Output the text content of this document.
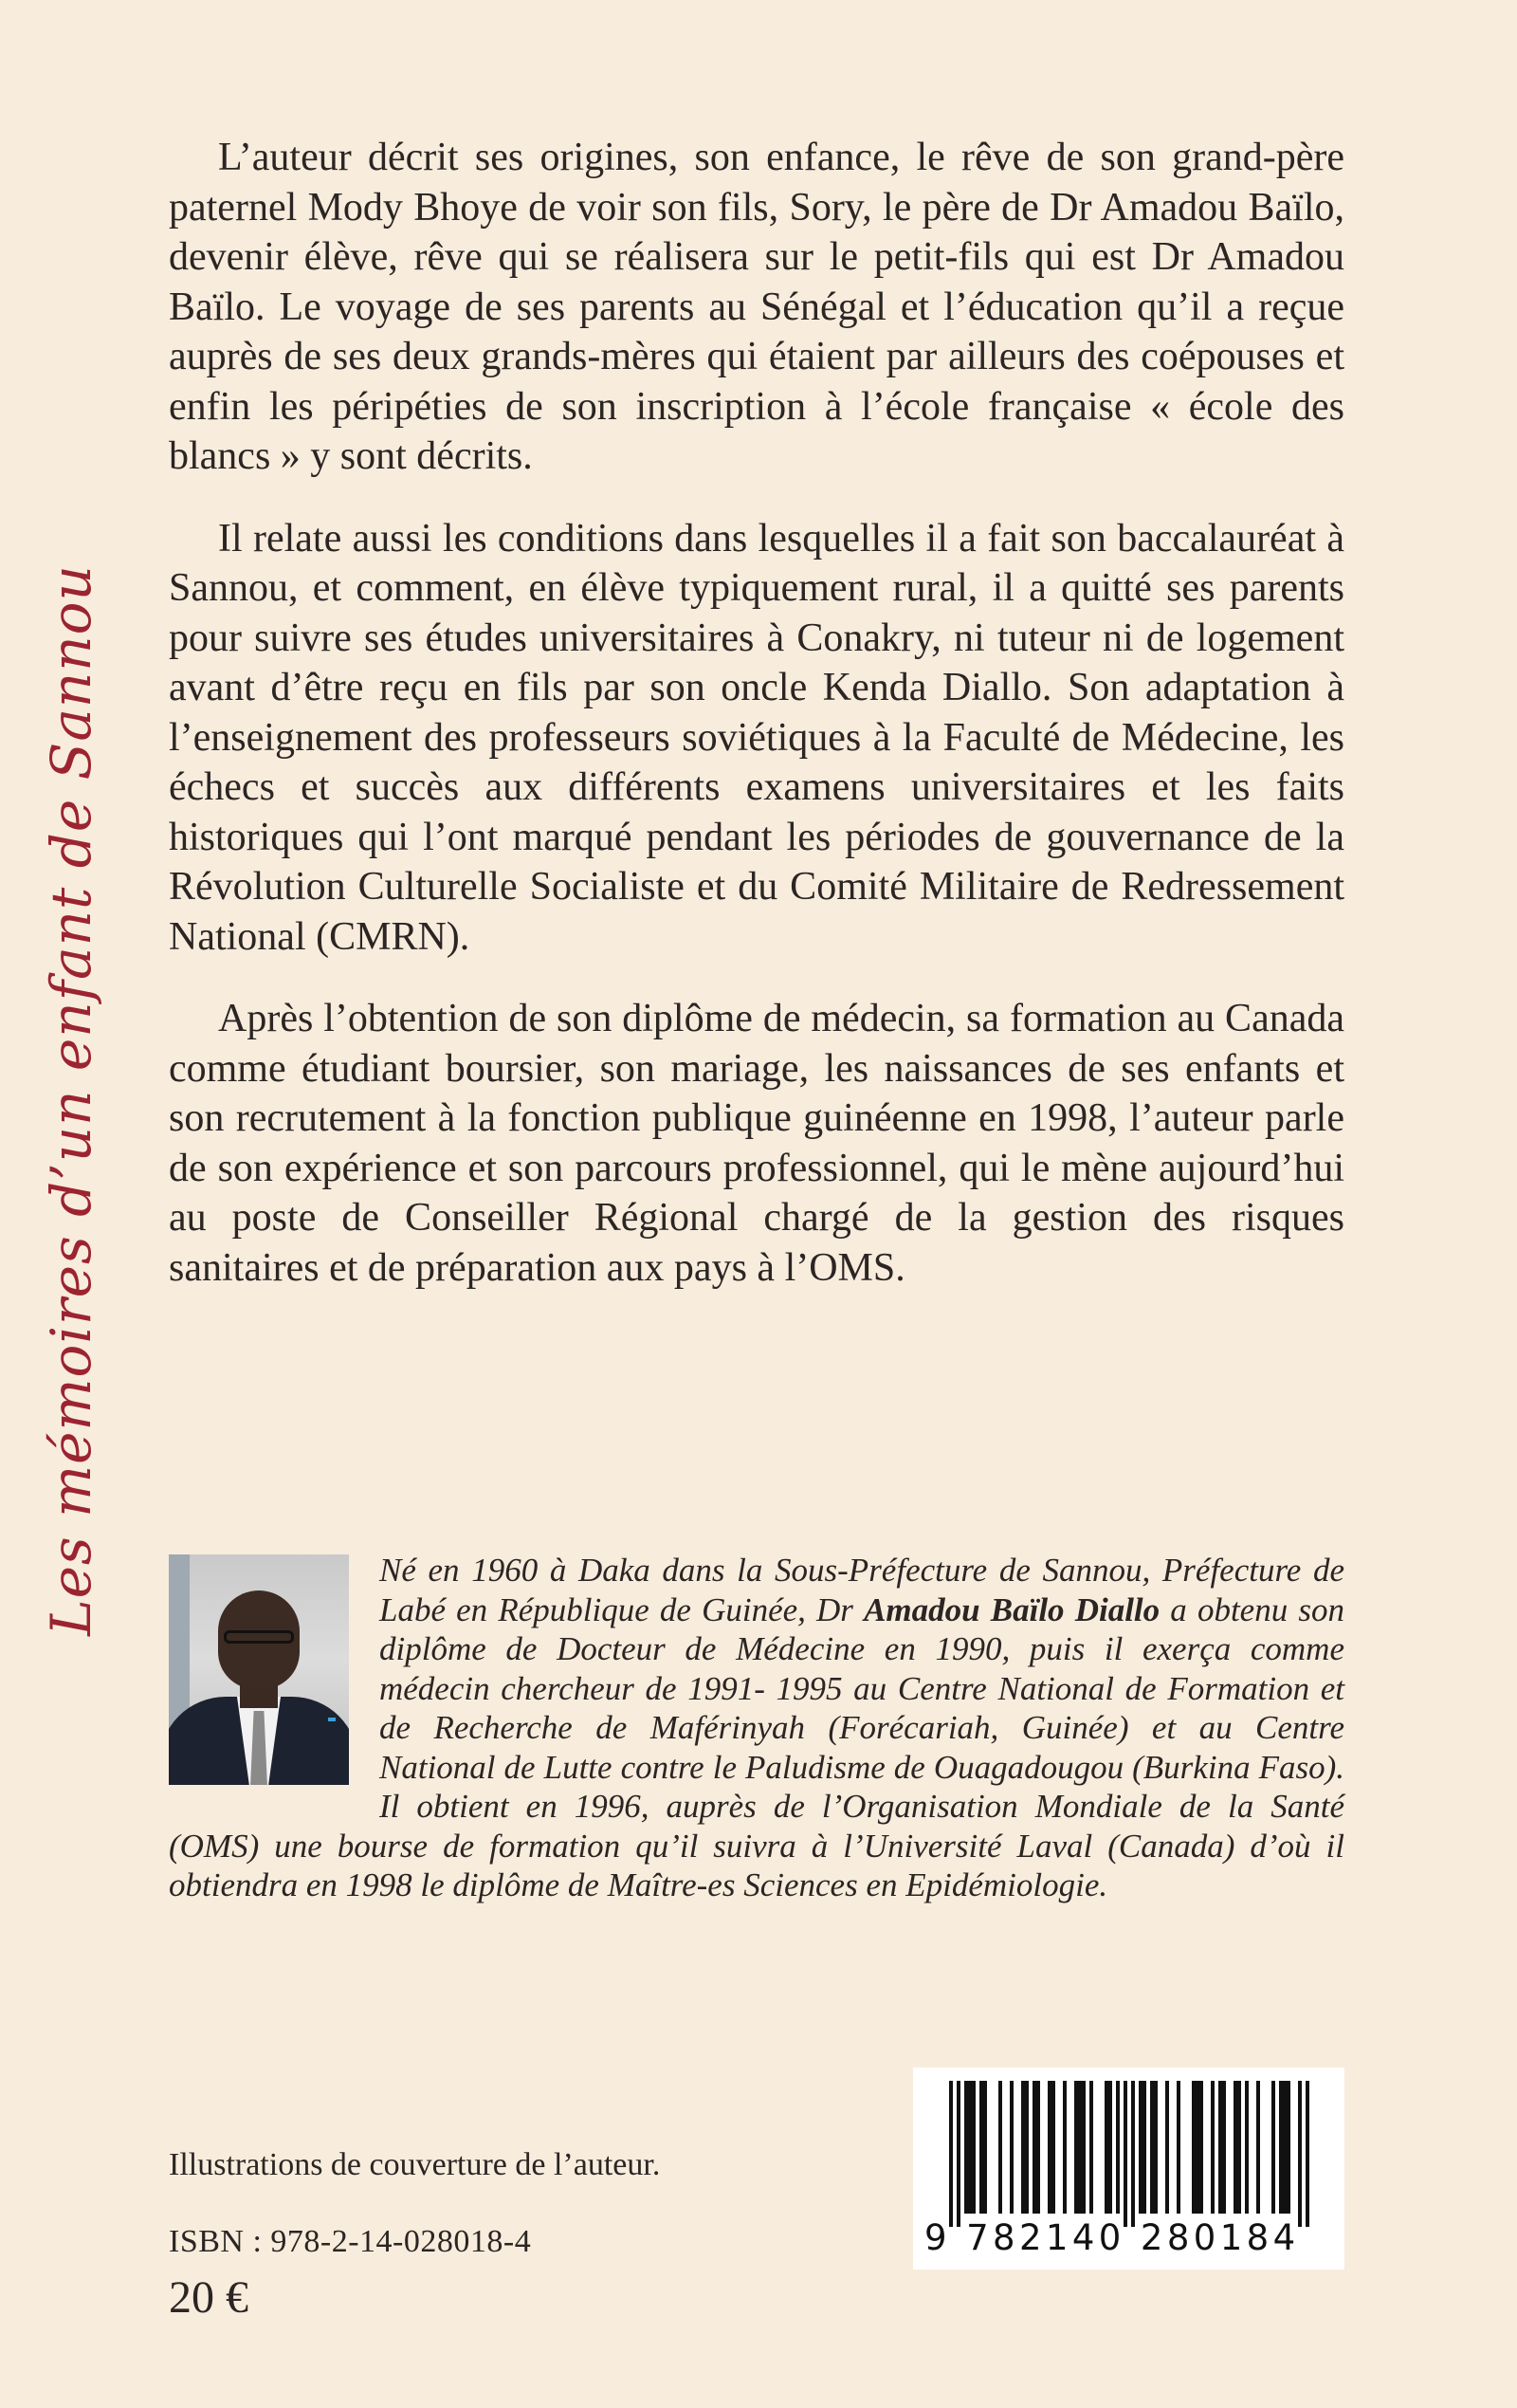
Les mémoires d’un enfant de Sannou

L’auteur décrit ses origines, son enfance, le rêve de son grand-père paternel Mody Bhoye de voir son fils, Sory, le père de Dr Amadou Baïlo, devenir élève, rêve qui se réalisera sur le petit-fils qui est Dr Amadou Baïlo. Le voyage de ses parents au Sénégal et l’éducation qu’il a reçue auprès de ses deux grands-mères qui étaient par ailleurs des coépouses et enfin les péripéties de son inscription à l’école française « école des blancs » y sont décrits.

Il relate aussi les conditions dans lesquelles il a fait son baccalauréat à Sannou, et comment, en élève typiquement rural, il a quitté ses parents pour suivre ses études universitaires à Conakry, ni tuteur ni de logement avant d’être reçu en fils par son oncle Kenda Diallo. Son adaptation à l’enseignement des professeurs soviétiques à la Faculté de Médecine, les échecs et succès aux différents examens universitaires et les faits historiques qui l’ont marqué pendant les périodes de gouvernance de la Révolution Culturelle Socialiste et du Comité Militaire de Redressement National (CMRN).

Après l’obtention de son diplôme de médecin, sa formation au Canada comme étudiant boursier, son mariage, les naissances de ses enfants et son recrutement à la fonction publique guinéenne en 1998, l’auteur parle de son expérience et son parcours professionnel, qui le mène aujourd’hui au poste de Conseiller Régional chargé de la gestion des risques sanitaires et de préparation aux pays à l’OMS.

Né en 1960 à Daka dans la Sous-Préfecture de Sannou, Préfecture de Labé en République de Guinée, Dr Amadou Baïlo Diallo a obtenu son diplôme de Docteur de Médecine en 1990, puis il exerça comme médecin chercheur de 1991- 1995 au Centre National de Formation et de Recherche de Maférinyah (Forécariah, Guinée) et au Centre National de Lutte contre le Paludisme de Ouagadougou (Burkina Faso). Il obtient en 1996, auprès de l’Organisation Mondiale de la Santé (OMS) une bourse de formation qu’il suivra à l’Université Laval (Canada) d’où il obtiendra en 1998 le diplôme de Maître-es Sciences en Epidémiologie.

Illustrations de couverture de l’auteur.
ISBN : 978-2-14-028018-4
20 €
9 782140 280184
